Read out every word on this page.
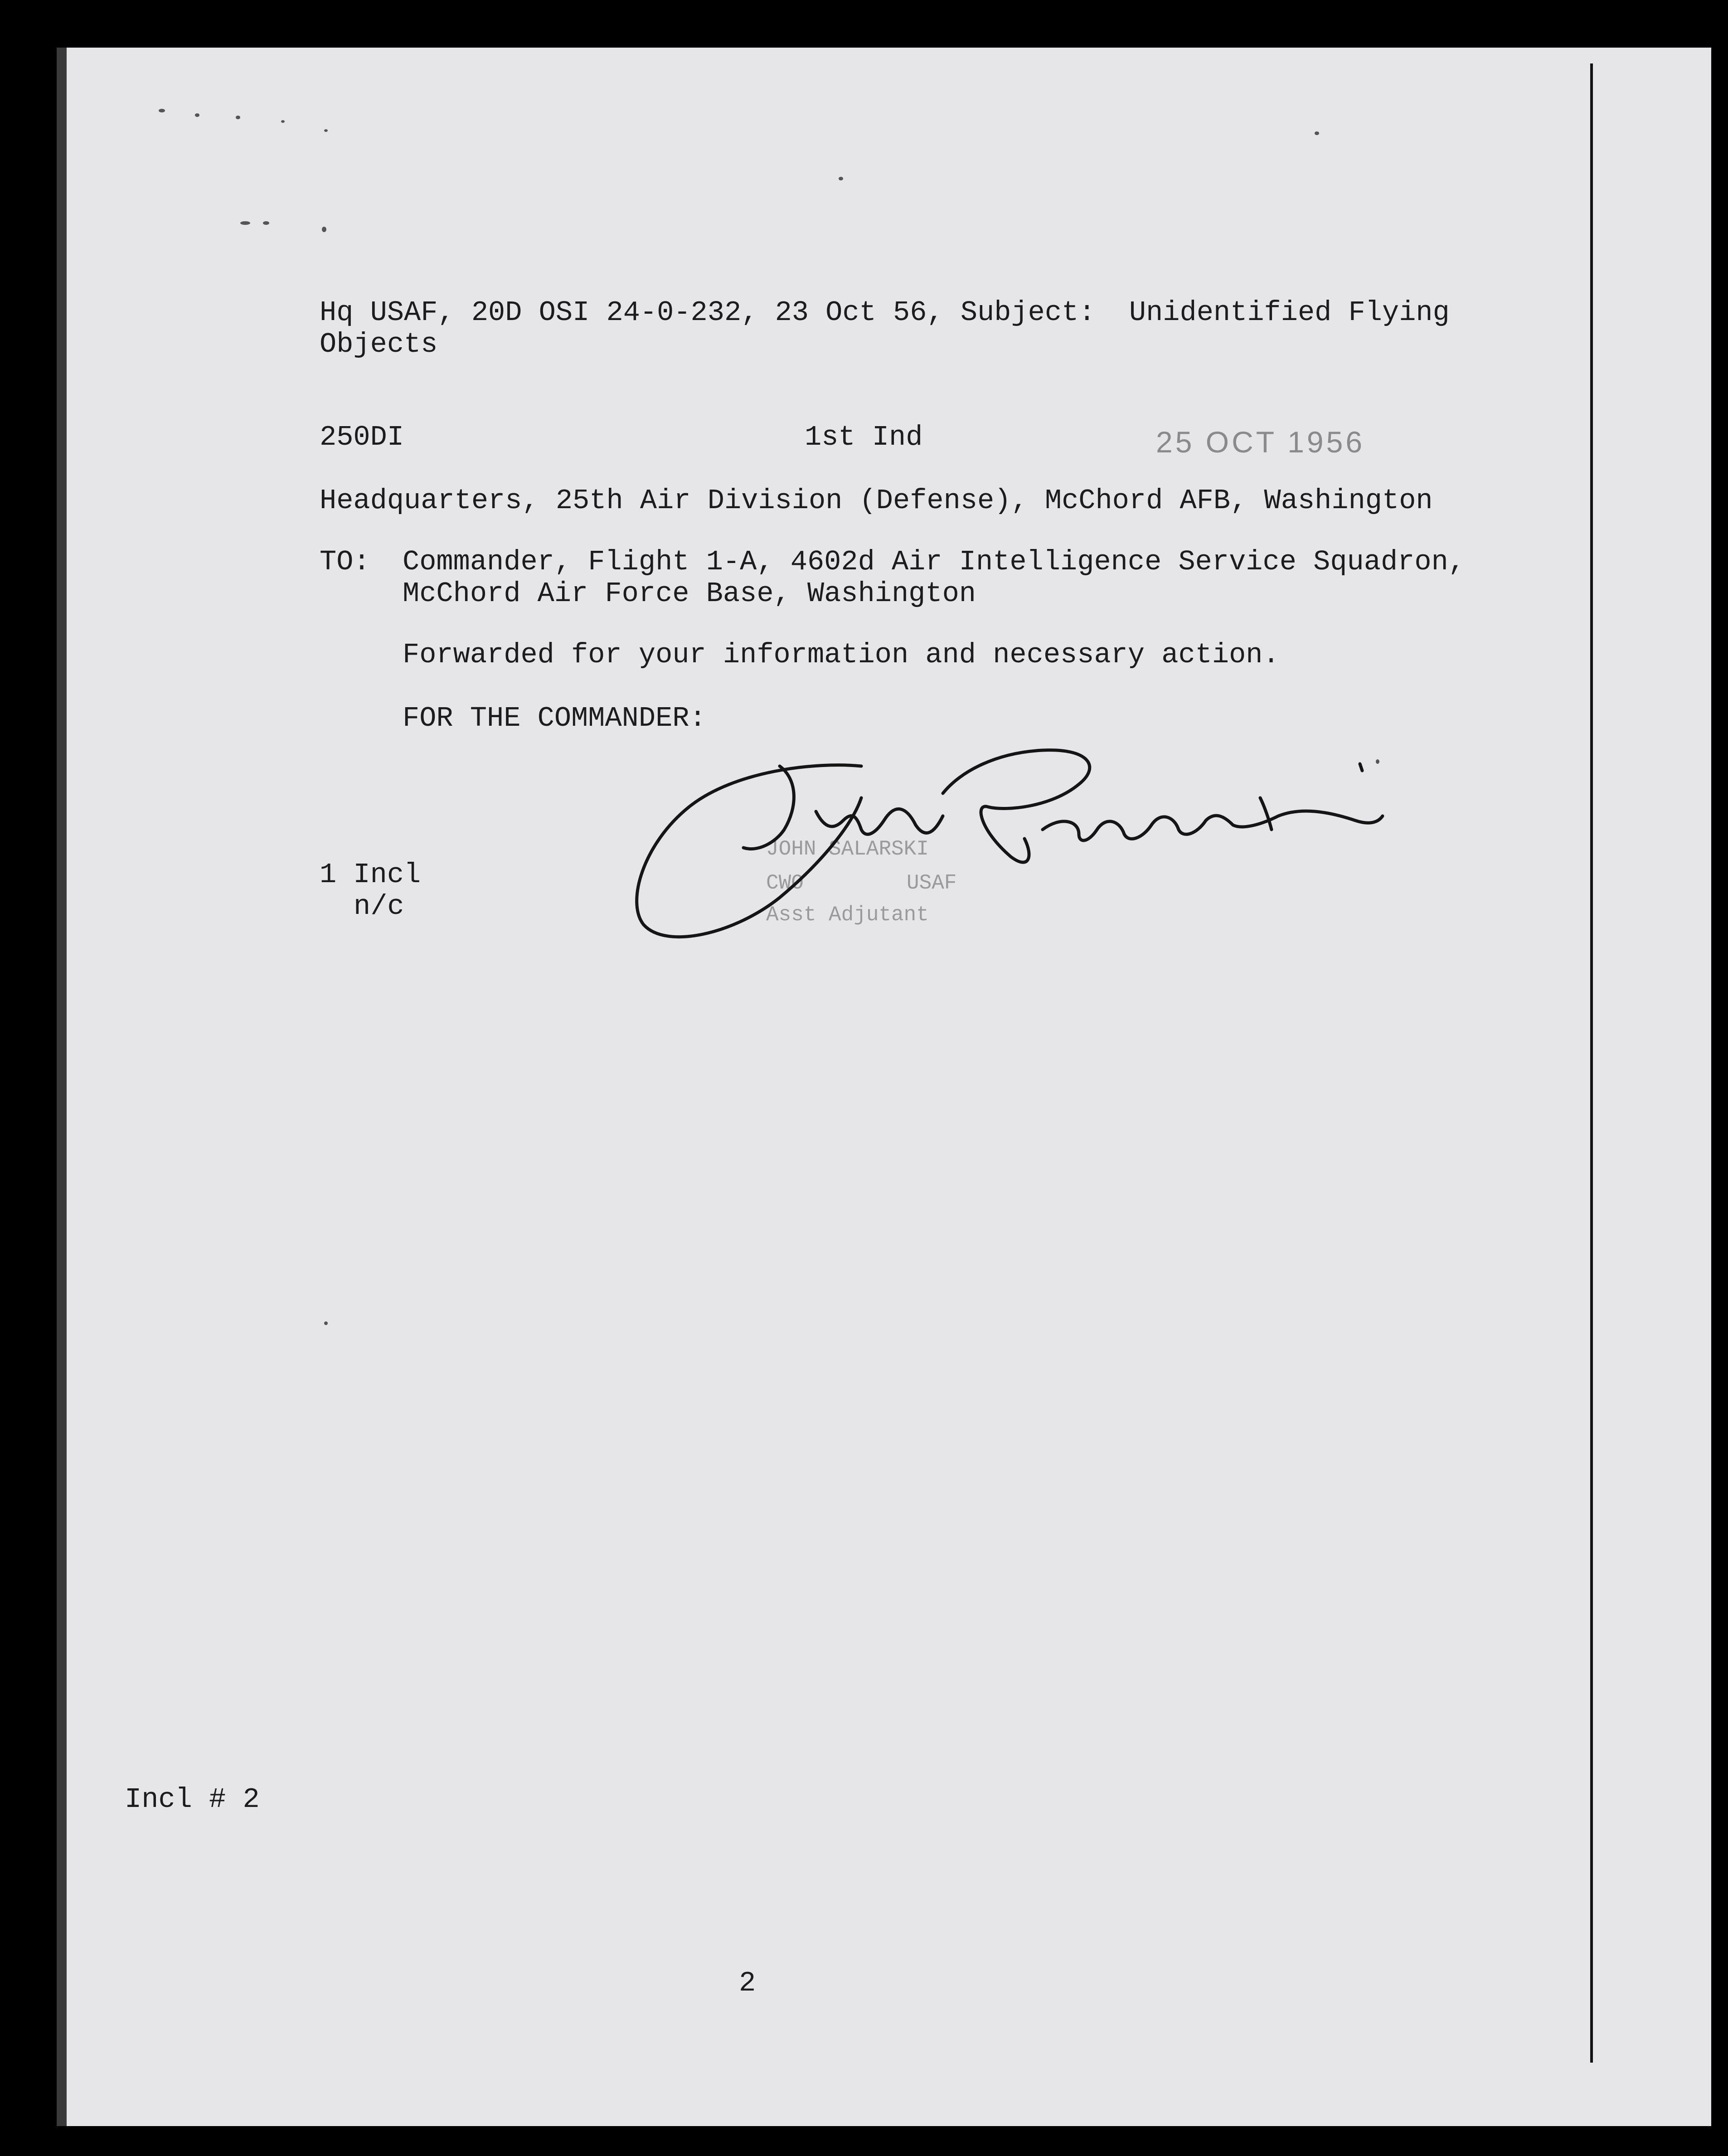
Hq USAF, 20D OSI 24-0-232, 23 Oct 56, Subject:  Unidentified Flying
Objects
250DI	1st Ind	25 OCT 1956
Headquarters, 25th Air Division (Defense), McChord AFB, Washington
TO: Commander, Flight 1-A, 4602d Air Intelligence Service Squadron,
McChord Air Force Base, Washington
Forwarded for your information and necessary action.
FOR THE COMMANDER:
JOHN SALARSKI
CWO	USAF
Asst Adjutant
1 Incl
n/c
Incl # 2
2
